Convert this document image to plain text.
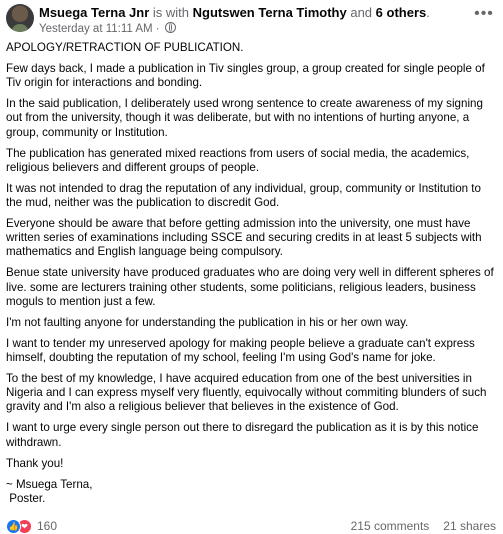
Msuega Terna Jnr is with Ngutswen Terna Timothy and 6 others.
Yesterday at 11:11 AM ·
•••

APOLOGY/RETRACTION OF PUBLICATION.

Few days back, I made a publication in Tiv singles group, a group created for single people of Tiv origin for interactions and bonding.

In the said publication, I deliberately used wrong sentence to create awareness of my signing out from the university, though it was deliberate, but with no intentions of hurting anyone, a group, community or Institution.

The publication has generated mixed reactions from users of social media, the academics, religious believers and different groups of people.

It was not intended to drag the reputation of any individual, group, community or Institution to the mud, neither was the publication to discredit God.

Everyone should be aware that before getting admission into the university, one must have written series of examinations including SSCE and securing credits in at least 5 subjects with mathematics and English language being compulsory.

Benue state university have produced graduates who are doing very well in different spheres of live. some are lecturers training other students, some politicians, religious leaders, business moguls to mention just a few.

I'm not faulting anyone for understanding the publication in his or her own way.

I want to tender my unreserved apology for making people believe a graduate can't express himself, doubting the reputation of my school, feeling I'm using God's name for joke.

To the best of my knowledge, I have acquired education from one of the best universities in Nigeria and I can express myself very fluently, equivocally without commiting blunders of such gravity and I'm also a religious believer that believes in the existence of God.

I want to urge every single person out there to disregard the publication as it is by this notice withdrawn.

Thank you!

~ Msuega Terna,
Poster.

👍 ❤ 160	215 comments 21 shares
